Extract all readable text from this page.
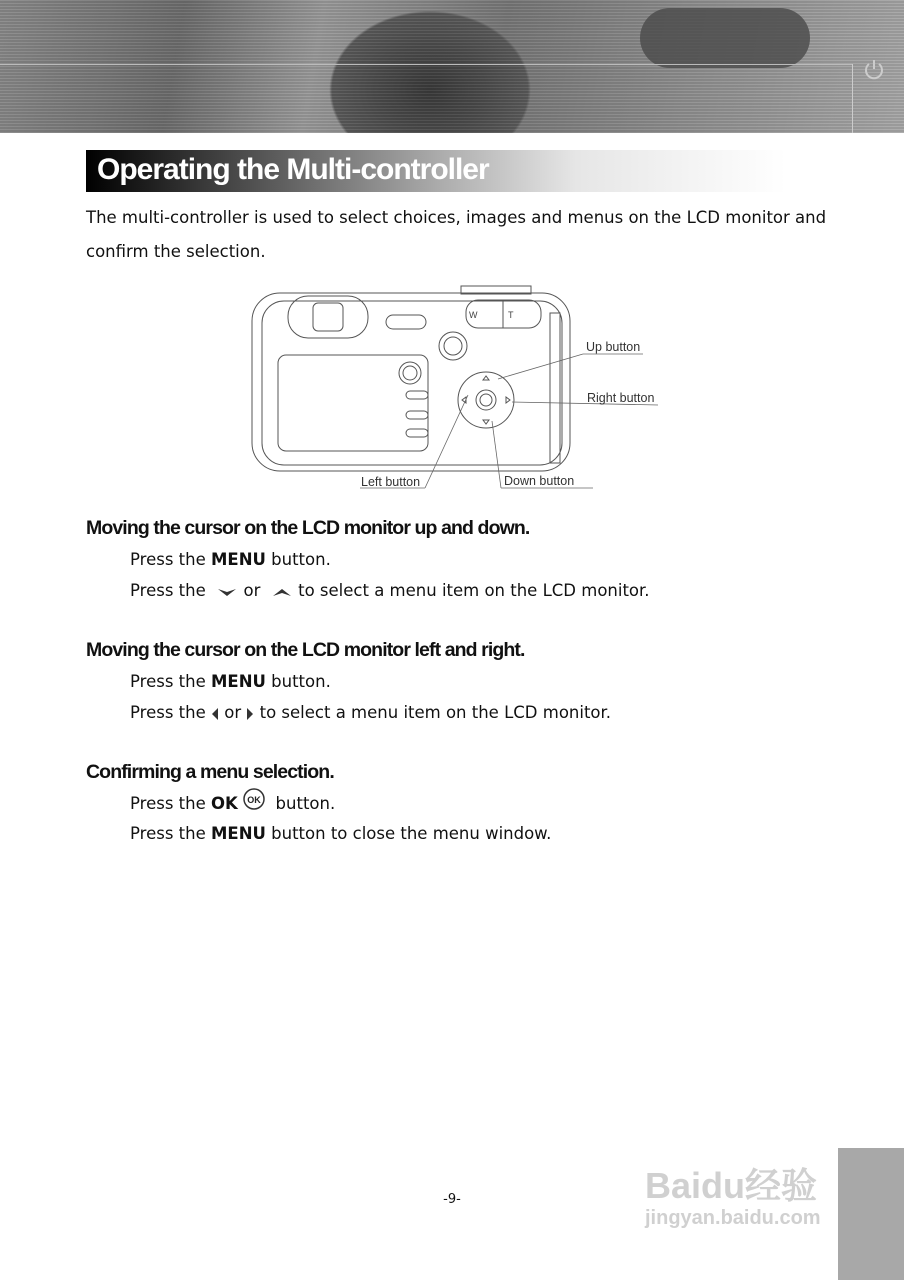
Operating the Multi-controller
The multi-controller is used to select choices, images and menus on the LCD monitor and
confirm the selection.
W	T
Up button
Right button
Left button	Down button
Moving the cursor on the LCD monitor up and down.
Press the MENU button.
Press the   or   to select a menu item on the LCD monitor.
Moving the cursor on the LCD monitor left and right.
Press the MENU button.
Press the  or  to select a menu item on the LCD monitor.
Confirming a menu selection.
Press the OK OK button.
Press the MENU button to close the menu window.
-9-	Baidu经验
jingyan.baidu.com
